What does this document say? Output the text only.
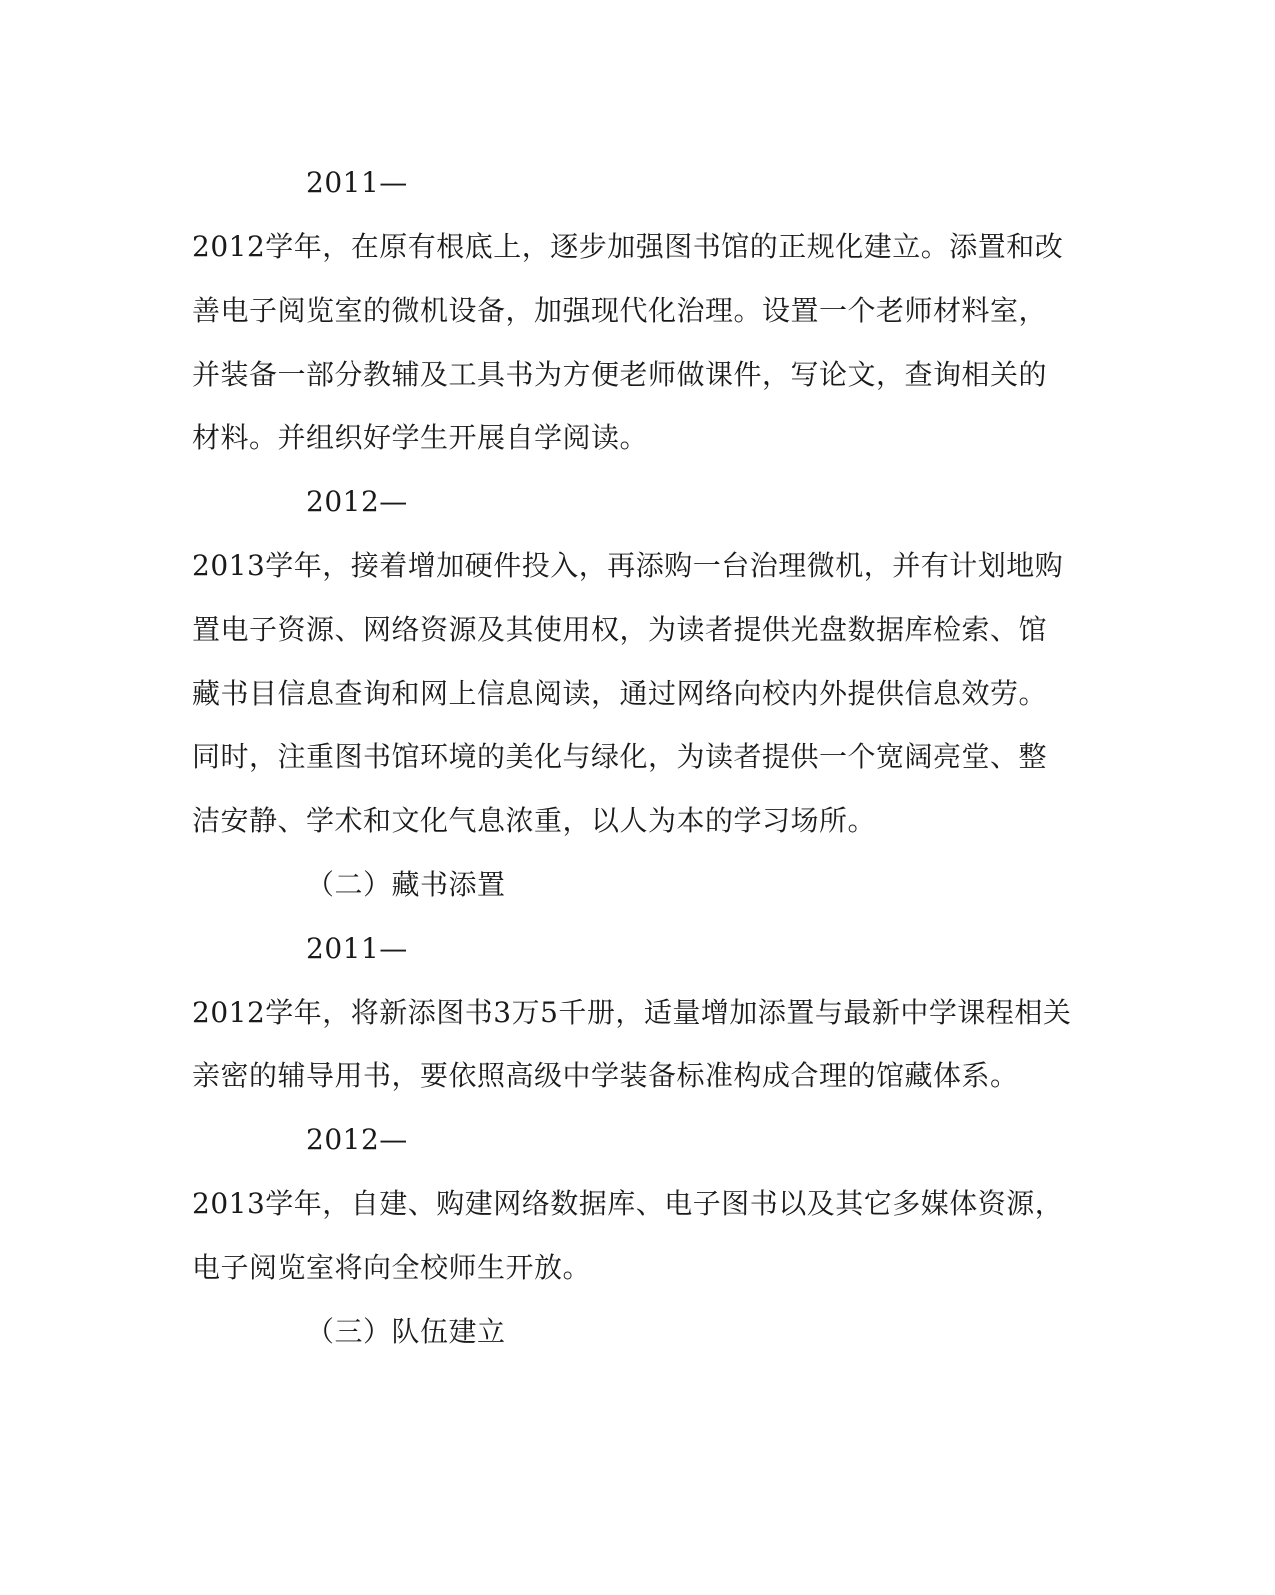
2011—
2012学年，在原有根底上，逐步加强图书馆的正规化建立。添置和改
善电子阅览室的微机设备，加强现代化治理。设置一个老师材料室，
并装备一部分教辅及工具书为方便老师做课件，写论文，查询相关的
材料。并组织好学生开展自学阅读。
2012—
2013学年，接着增加硬件投入，再添购一台治理微机，并有计划地购
置电子资源、网络资源及其使用权，为读者提供光盘数据库检索、馆
藏书目信息查询和网上信息阅读，通过网络向校内外提供信息效劳。
同时，注重图书馆环境的美化与绿化，为读者提供一个宽阔亮堂、整
洁安静、学术和文化气息浓重，以人为本的学习场所。
（二）藏书添置
2011—
2012学年，将新添图书3万5千册，适量增加添置与最新中学课程相关
亲密的辅导用书，要依照高级中学装备标准构成合理的馆藏体系。
2012—
2013学年，自建、购建网络数据库、电子图书以及其它多媒体资源，
电子阅览室将向全校师生开放。
（三）队伍建立
